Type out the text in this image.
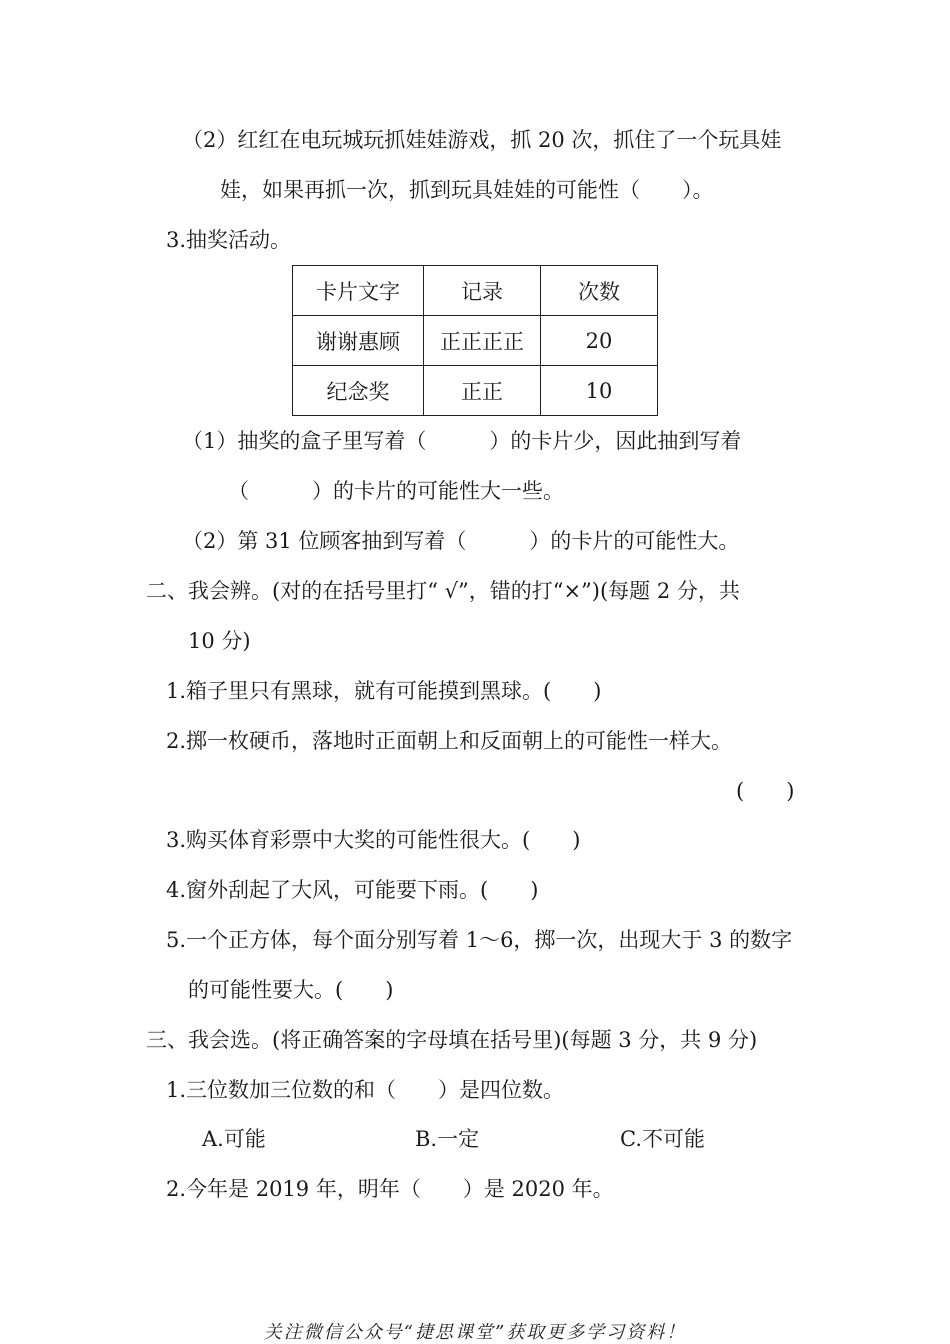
（2）红红在电玩城玩抓娃娃游戏，抓 20 次，抓住了一个玩具娃
娃，如果再抓一次，抓到玩具娃娃的可能性（　　）。
3.抽奖活动。
卡片文字	记录	次数
谢谢惠顾	正正正正	20
纪念奖	正正	10
（1）抽奖的盒子里写着（　　　）的卡片少，因此抽到写着
（　　　）的卡片的可能性大一些。
（2）第 31 位顾客抽到写着（　　　）的卡片的可能性大。
二、我会辨。(对的在括号里打“ √”，错的打“×”)(每题 2 分，共
10 分)
1.箱子里只有黑球，就有可能摸到黑球。(　　)
2.掷一枚硬币，落地时正面朝上和反面朝上的可能性一样大。
(　　)
3.购买体育彩票中大奖的可能性很大。(　　)
4.窗外刮起了大风，可能要下雨。(　　)
5.一个正方体，每个面分别写着 1～6，掷一次，出现大于 3 的数字
的可能性要大。(　　)
三、我会选。(将正确答案的字母填在括号里)(每题 3 分，共 9 分)
1.三位数加三位数的和（　　）是四位数。
A.可能	B.一定	C.不可能
2.今年是 2019 年，明年（　　）是 2020 年。
关注微信公众号“捷思课堂”获取更多学习资料！
